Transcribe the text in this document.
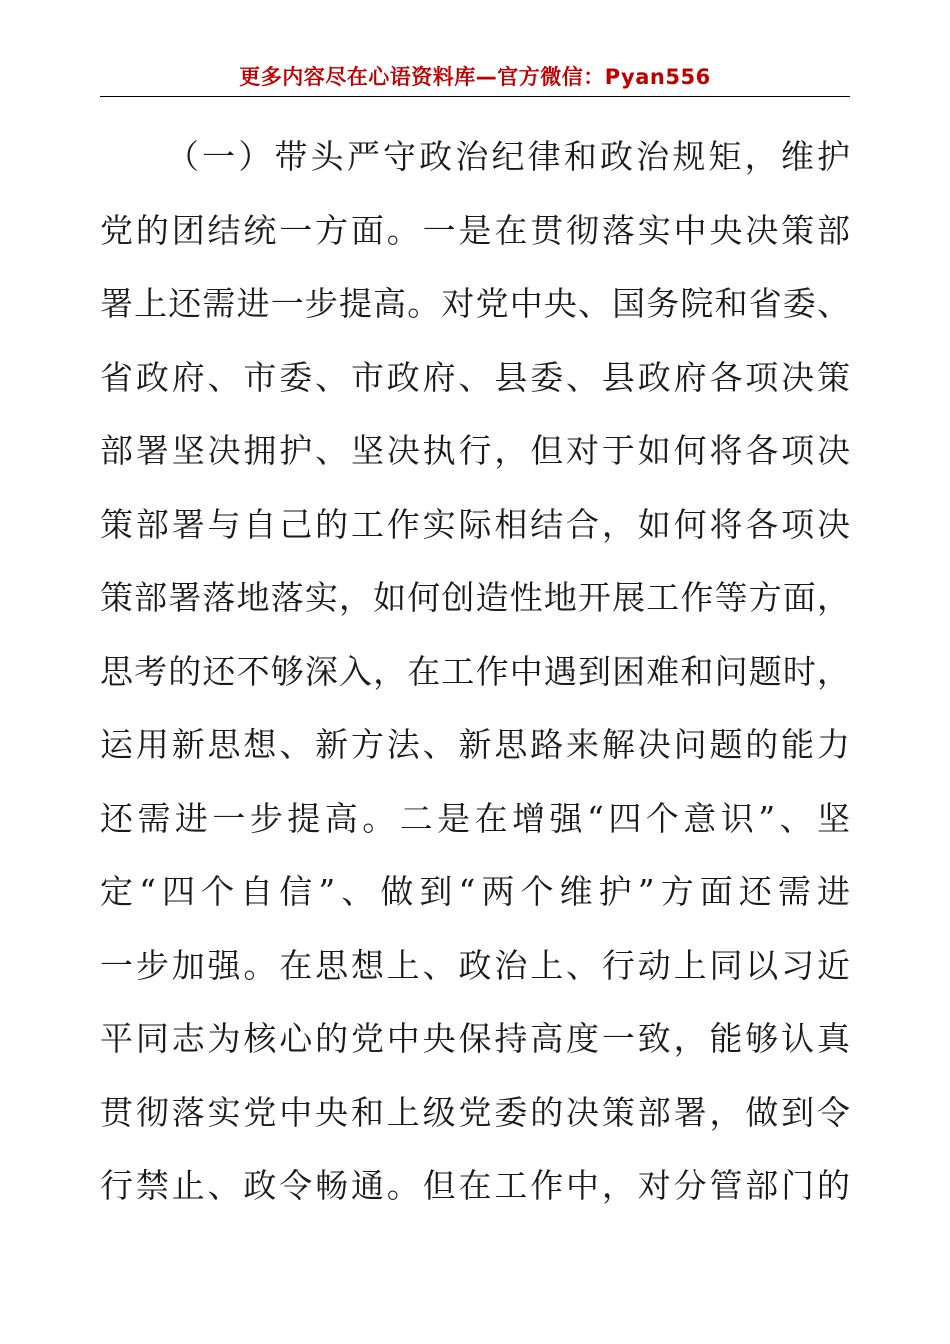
更多内容尽在心语资料库—官方微信：Pyan556
（一）带头严守政治纪律和政治规矩，维护
党的团结统一方面。一是在贯彻落实中央决策部
署上还需进一步提高。对党中央、国务院和省委、
省政府、市委、市政府、县委、县政府各项决策
部署坚决拥护、坚决执行，但对于如何将各项决
策部署与自己的工作实际相结合，如何将各项决
策部署落地落实，如何创造性地开展工作等方面，
思考的还不够深入，在工作中遇到困难和问题时，
运用新思想、新方法、新思路来解决问题的能力
还需进一步提高。二是在增强“四个意识”、坚
定“四个自信”、做到“两个维护”方面还需进
一步加强。在思想上、政治上、行动上同以习近
平同志为核心的党中央保持高度一致，能够认真
贯彻落实党中央和上级党委的决策部署，做到令
行禁止、政令畅通。但在工作中，对分管部门的
